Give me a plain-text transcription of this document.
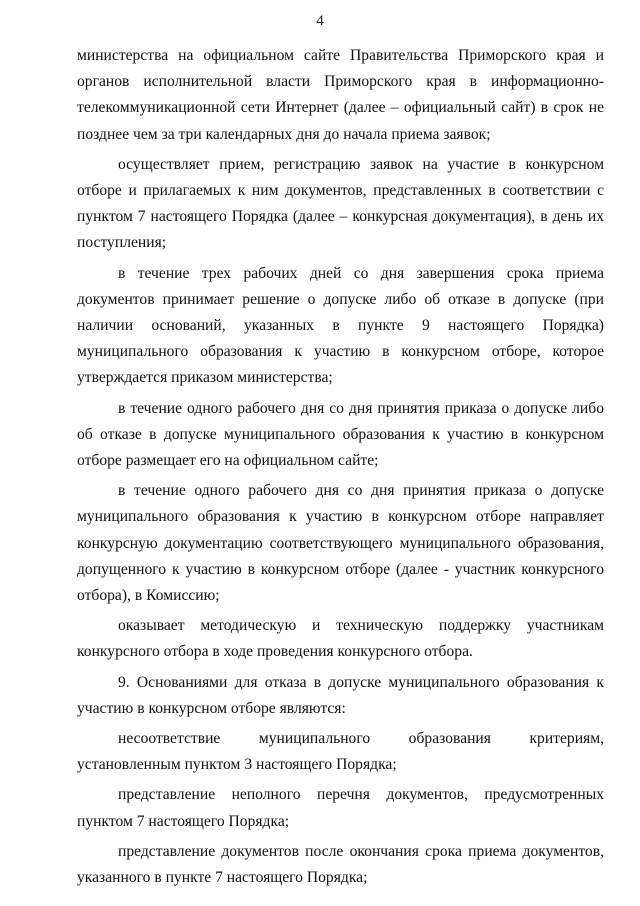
4

министерства на официальном сайте Правительства Приморского края и органов исполнительной власти Приморского края в информационно-телекоммуникационной сети Интернет (далее – официальный сайт) в срок не позднее чем за три календарных дня до начала приема заявок;

осуществляет прием, регистрацию заявок на участие в конкурсном отборе и прилагаемых к ним документов, представленных в соответствии с пунктом 7 настоящего Порядка (далее – конкурсная документация), в день их поступления;

в течение трех рабочих дней со дня завершения срока приема документов принимает решение о допуске либо об отказе в допуске (при наличии оснований, указанных в пункте 9 настоящего Порядка) муниципального образования к участию в конкурсном отборе, которое утверждается приказом министерства;

в течение одного рабочего дня со дня принятия приказа о допуске либо об отказе в допуске муниципального образования к участию в конкурсном отборе размещает его на официальном сайте;

в течение одного рабочего дня со дня принятия приказа о допуске муниципального образования к участию в конкурсном отборе направляет конкурсную документацию соответствующего муниципального образования, допущенного к участию в конкурсном отборе (далее - участник конкурсного отбора), в Комиссию;

оказывает методическую и техническую поддержку участникам конкурсного отбора в ходе проведения конкурсного отбора.

9. Основаниями для отказа в допуске муниципального образования к участию в конкурсном отборе являются:

несоответствие муниципального образования критериям, установленным пунктом 3 настоящего Порядка;

представление неполного перечня документов, предусмотренных пунктом 7 настоящего Порядка;

представление документов после окончания срока приема документов, указанного в пункте 7 настоящего Порядка;
